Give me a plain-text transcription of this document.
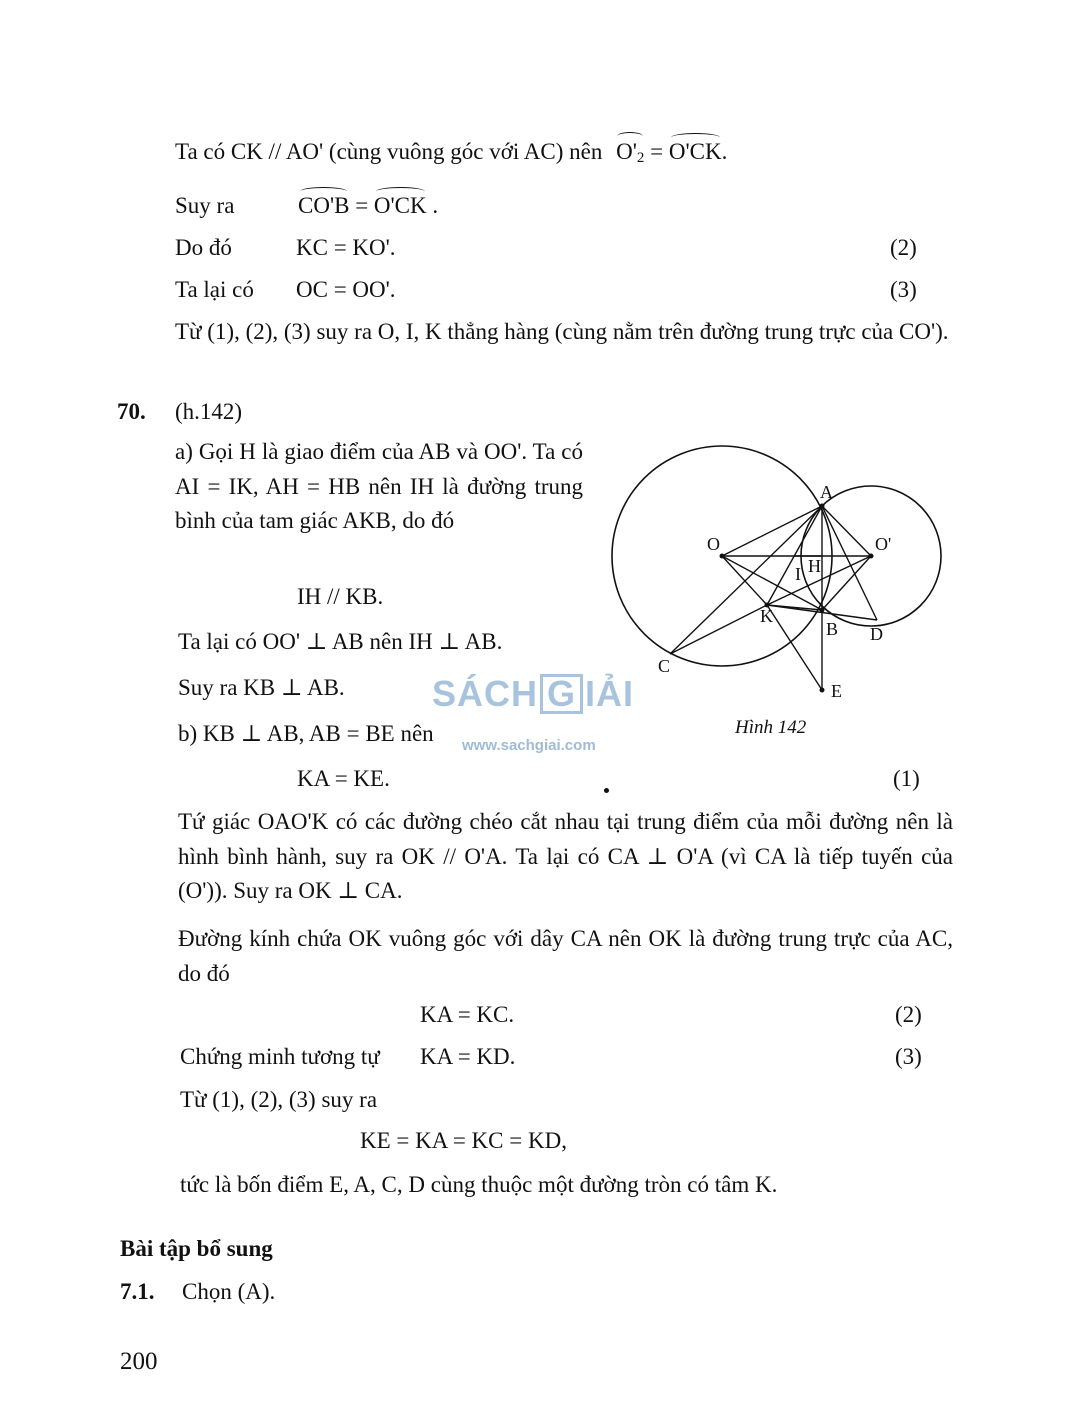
Ta có CK // AO' (cùng vuông góc với AC) nên $O'_2 = O'CK$.
Suy ra	CO'B = O'CK .
Do đó	KC = KO'.	(2)
Ta lại có OC = OO'.	(3)
Từ (1), (2), (3) suy ra O, I, K thẳng hàng (cùng nằm trên đường trung trực của CO').
70. (h.142)
a) Gọi H là giao điểm của AB và OO'. Ta có AI = IK, AH = HB nên IH là đường trung bình của tam giác AKB, do đó
IH // KB.
Ta lại có OO' ⊥ AB nên IH ⊥ AB.
Suy ra KB ⊥ AB.
b) KB ⊥ AB, AB = BE nên
KA = KE.	(1)
A
O	O'
I H
K
B D
C
E
Hình 142
SÁCH G IẢI
www.sachgiai.com
Tứ giác OAO'K có các đường chéo cắt nhau tại trung điểm của mỗi đường nên là hình bình hành, suy ra OK // O'A. Ta lại có CA ⊥ O'A (vì CA là tiếp tuyến của (O')). Suy ra OK ⊥ CA.
Đường kính chứa OK vuông góc với dây CA nên OK là đường trung trực của AC, do đó
KA = KC.	(2)
Chứng minh tương tự KA = KD.	(3)
Từ (1), (2), (3) suy ra
KE = KA = KC = KD,
tức là bốn điểm E, A, C, D cùng thuộc một đường tròn có tâm K.
Bài tập bổ sung
7.1. Chọn (A).
200
